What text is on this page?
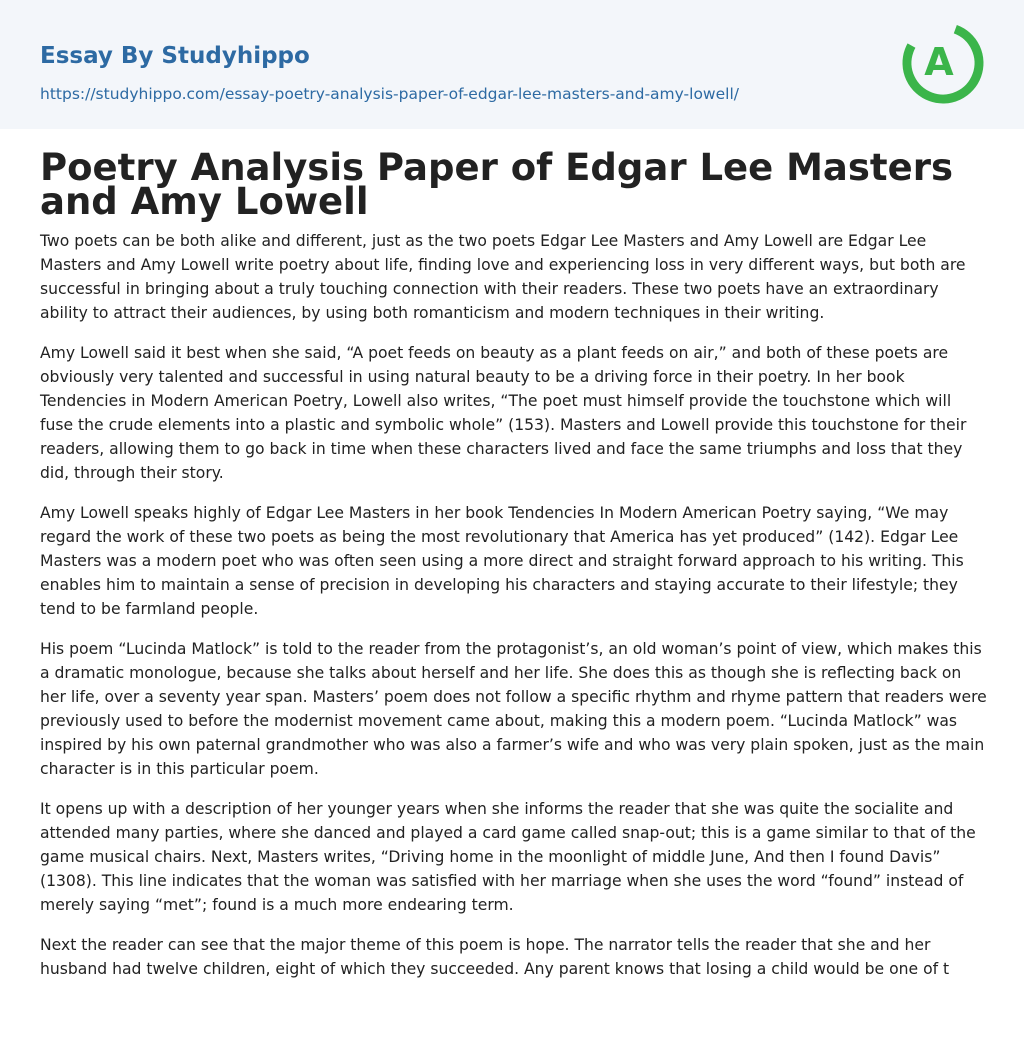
Essay By Studyhippo
https://studyhippo.com/essay-poetry-analysis-paper-of-edgar-lee-masters-and-amy-lowell/
A
Poetry Analysis Paper of Edgar Lee Masters and Amy Lowell

Two poets can be both alike and different, just as the two poets Edgar Lee Masters and Amy Lowell are Edgar Lee Masters and Amy Lowell write poetry about life, finding love and experiencing loss in very different ways, but both are successful in bringing about a truly touching connection with their readers. These two poets have an extraordinary ability to attract their audiences, by using both romanticism and modern techniques in their writing.

Amy Lowell said it best when she said, “A poet feeds on beauty as a plant feeds on air,” and both of these poets are obviously very talented and successful in using natural beauty to be a driving force in their poetry. In her book Tendencies in Modern American Poetry, Lowell also writes, “The poet must himself provide the touchstone which will fuse the crude elements into a plastic and symbolic whole” (153). Masters and Lowell provide this touchstone for their readers, allowing them to go back in time when these characters lived and face the same triumphs and loss that they did, through their story.

Amy Lowell speaks highly of Edgar Lee Masters in her book Tendencies In Modern American Poetry saying, “We may regard the work of these two poets as being the most revolutionary that America has yet produced” (142). Edgar Lee Masters was a modern poet who was often seen using a more direct and straight forward approach to his writing. This enables him to maintain a sense of precision in developing his characters and staying accurate to their lifestyle; they tend to be farmland people.

His poem “Lucinda Matlock” is told to the reader from the protagonist’s, an old woman’s point of view, which makes this a dramatic monologue, because she talks about herself and her life. She does this as though she is reflecting back on her life, over a seventy year span. Masters’ poem does not follow a specific rhythm and rhyme pattern that readers were previously used to before the modernist movement came about, making this a modern poem. “Lucinda Matlock” was inspired by his own paternal grandmother who was also a farmer’s wife and who was very plain spoken, just as the main character is in this particular poem.

It opens up with a description of her younger years when she informs the reader that she was quite the socialite and attended many parties, where she danced and played a card game called snap-out; this is a game similar to that of the game musical chairs. Next, Masters writes, “Driving home in the moonlight of middle June, And then I found Davis” (1308). This line indicates that the woman was satisfied with her marriage when she uses the word “found” instead of merely saying “met”; found is a much more endearing term.

Next the reader can see that the major theme of this poem is hope. The narrator tells the reader that she and her husband had twelve children, eight of which they succeeded. Any parent knows that losing a child would be one of t
